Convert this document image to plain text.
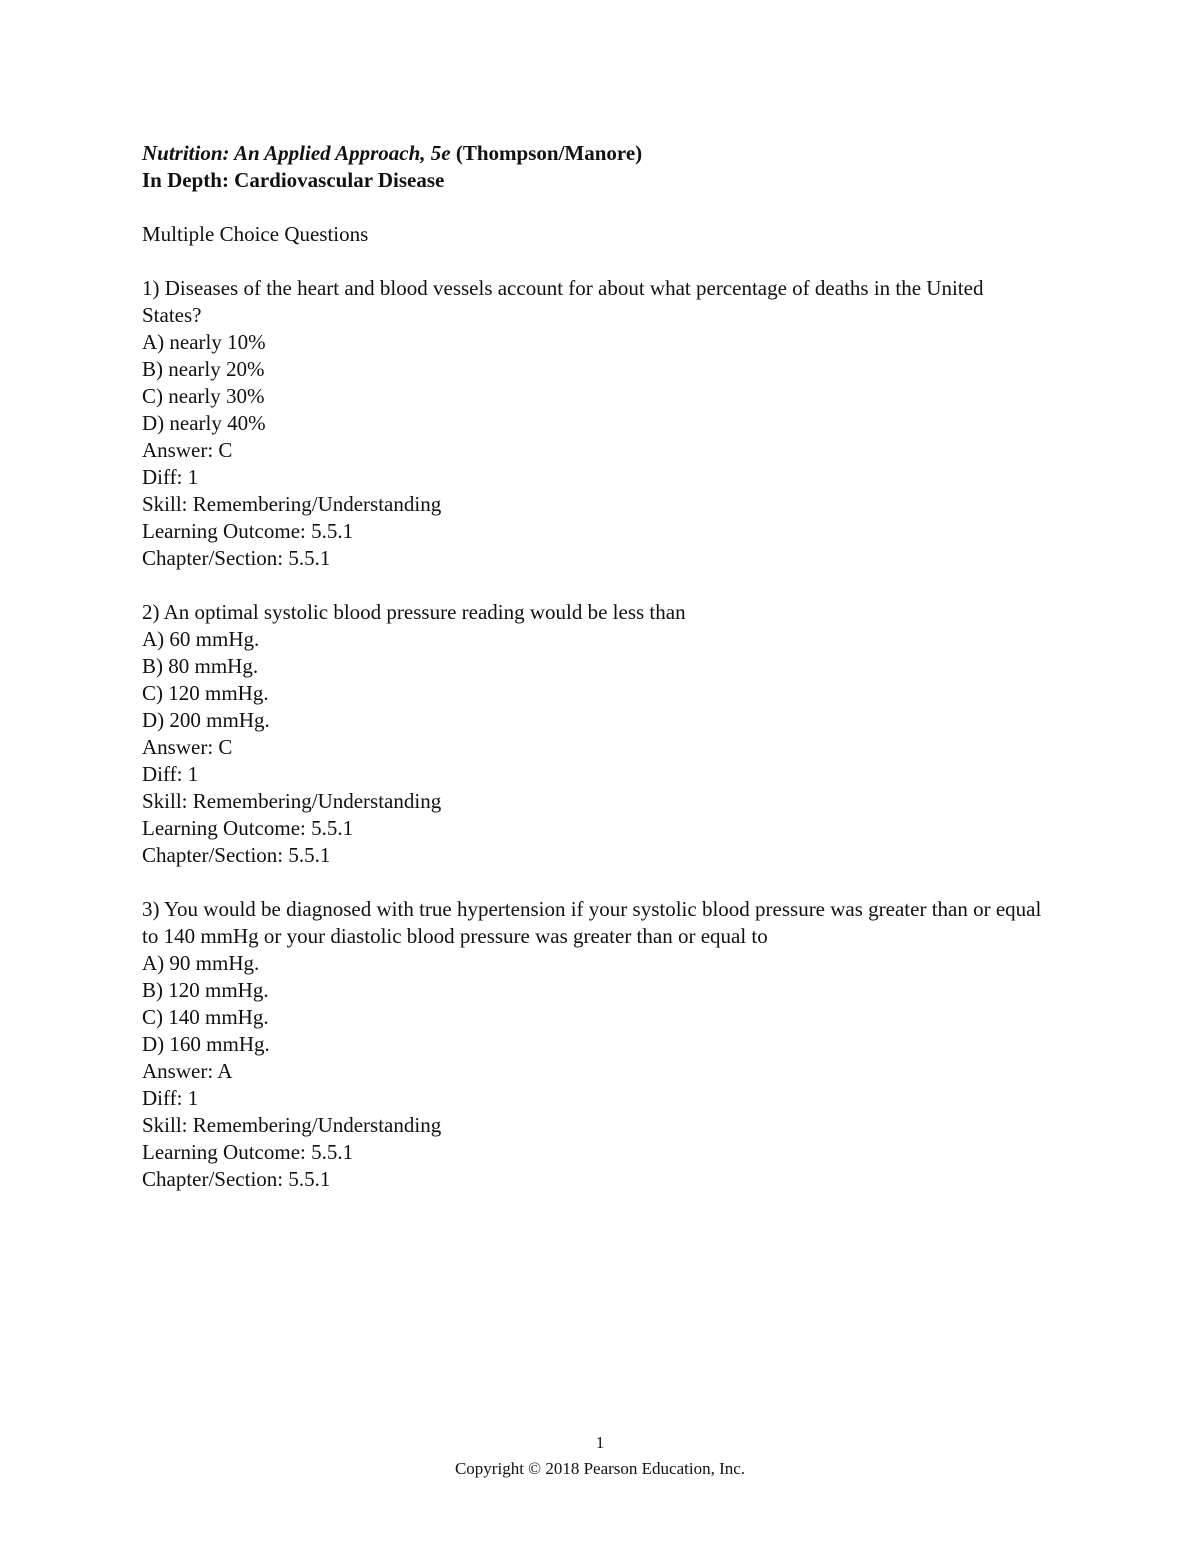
Nutrition: An Applied Approach, 5e (Thompson/Manore)
In Depth: Cardiovascular Disease
Multiple Choice Questions
1) Diseases of the heart and blood vessels account for about what percentage of deaths in the United States?
A) nearly 10%
B) nearly 20%
C) nearly 30%
D) nearly 40%
Answer: C
Diff: 1
Skill: Remembering/Understanding
Learning Outcome: 5.5.1
Chapter/Section: 5.5.1
2) An optimal systolic blood pressure reading would be less than
A) 60 mmHg.
B) 80 mmHg.
C) 120 mmHg.
D) 200 mmHg.
Answer: C
Diff: 1
Skill: Remembering/Understanding
Learning Outcome: 5.5.1
Chapter/Section: 5.5.1
3) You would be diagnosed with true hypertension if your systolic blood pressure was greater than or equal to 140 mmHg or your diastolic blood pressure was greater than or equal to
A) 90 mmHg.
B) 120 mmHg.
C) 140 mmHg.
D) 160 mmHg.
Answer: A
Diff: 1
Skill: Remembering/Understanding
Learning Outcome: 5.5.1
Chapter/Section: 5.5.1
1
Copyright © 2018 Pearson Education, Inc.
